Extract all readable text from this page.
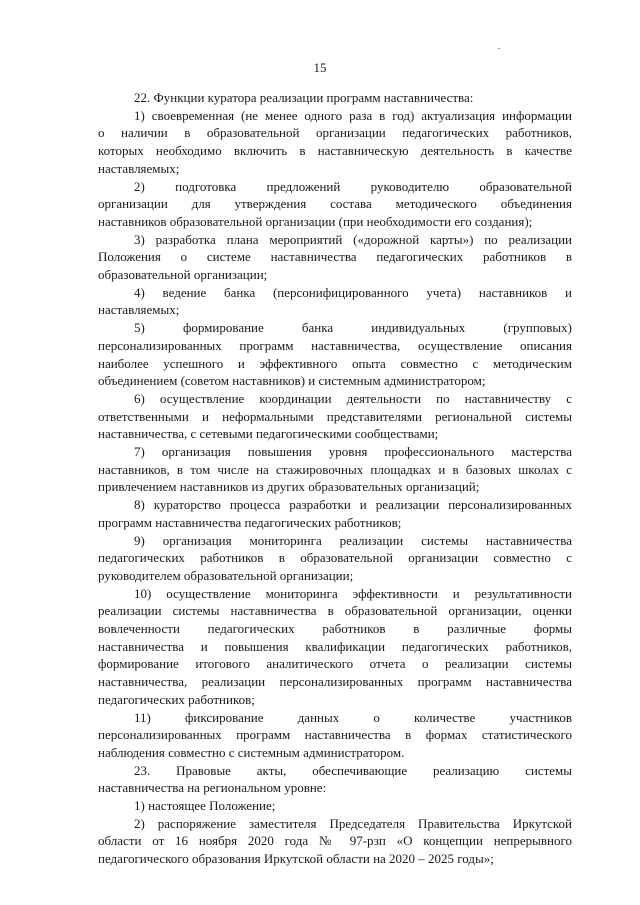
15
22. Функции куратора реализации программ наставничества:
1) своевременная (не менее одного раза в год) актуализация информации
о наличии в образовательной организации педагогических работников,
которых необходимо включить в наставническую деятельность в качестве
наставляемых;
2) подготовка предложений руководителю образовательной
организации для утверждения состава методического объединения
наставников образовательной организации (при необходимости его создания);
3) разработка плана мероприятий («дорожной карты») по реализации
Положения о системе наставничества педагогических работников в
образовательной организации;
4) ведение банка (персонифицированного учета) наставников и
наставляемых;
5) формирование банка индивидуальных (групповых)
персонализированных программ наставничества, осуществление описания
наиболее успешного и эффективного опыта совместно с методическим
объединением (советом наставников) и системным администратором;
6) осуществление координации деятельности по наставничеству с
ответственными и неформальными представителями региональной системы
наставничества, с сетевыми педагогическими сообществами;
7) организация повышения уровня профессионального мастерства
наставников, в том числе на стажировочных площадках и в базовых школах с
привлечением наставников из других образовательных организаций;
8) кураторство процесса разработки и реализации персонализированных
программ наставничества педагогических работников;
9) организация мониторинга реализации системы наставничества
педагогических работников в образовательной организации совместно с
руководителем образовательной организации;
10) осуществление мониторинга эффективности и результативности
реализации системы наставничества в образовательной организации, оценки
вовлеченности педагогических работников в различные формы
наставничества и повышения квалификации педагогических работников,
формирование итогового аналитического отчета о реализации системы
наставничества, реализации персонализированных программ наставничества
педагогических работников;
11) фиксирование данных о количестве участников
персонализированных программ наставничества в формах статистического
наблюдения совместно с системным администратором.
23. Правовые акты, обеспечивающие реализацию системы
наставничества на региональном уровне:
1) настоящее Положение;
2) распоряжение заместителя Председателя Правительства Иркутской
области от 16 ноября 2020 года № 97-рзп «О концепции непрерывного
педагогического образования Иркутской области на 2020 – 2025 годы»;
